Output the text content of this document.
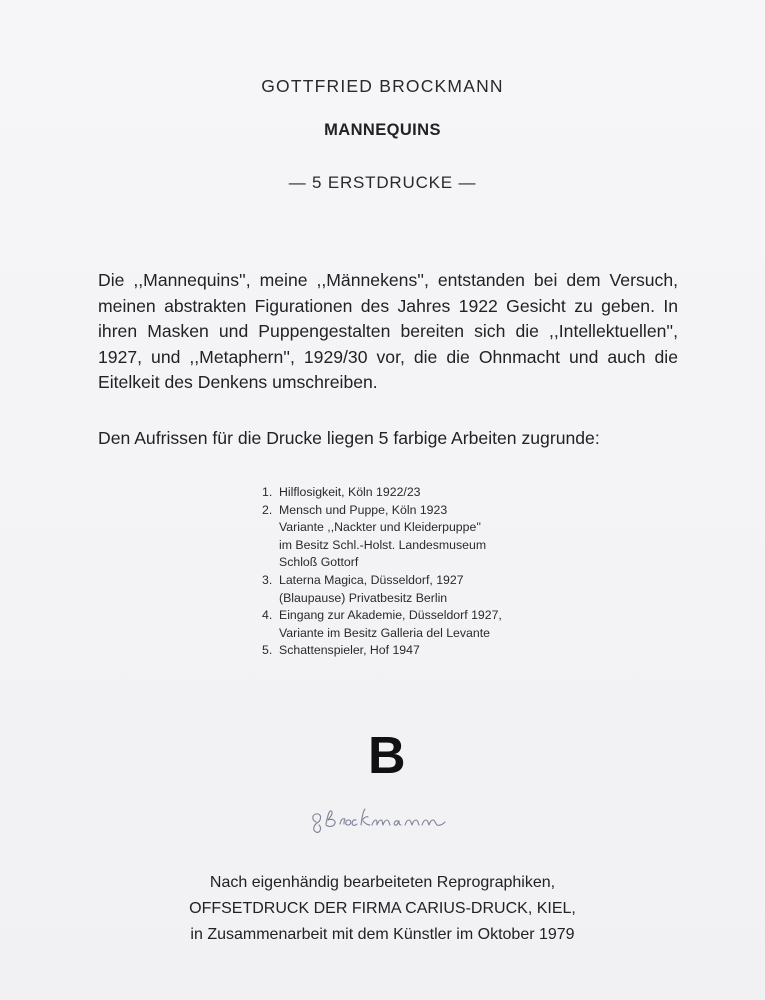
GOTTFRIED BROCKMANN
MANNEQUINS
— 5 ERSTDRUCKE —
Die ,,Mannequins'', meine ,,Männekens'', entstanden bei dem Versuch,
meinen abstrakten Figurationen des Jahres 1922 Gesicht zu geben. In
ihren Masken und Puppengestalten bereiten sich die ,,Intellektuellen'',
1927, und ,,Metaphern'', 1929/30 vor, die die Ohnmacht und auch die
Eitelkeit des Denkens umschreiben.
Den Aufrissen für die Drucke liegen 5 farbige Arbeiten zugrunde:
1. Hilflosigkeit, Köln 1922/23
2. Mensch und Puppe, Köln 1923
Variante ,,Nackter und Kleiderpuppe''
im Besitz Schl.-Holst. Landesmuseum
Schloß Gottorf
3. Laterna Magica, Düsseldorf, 1927
(Blaupause) Privatbesitz Berlin
4. Eingang zur Akademie, Düsseldorf 1927,
Variante im Besitz Galleria del Levante
5. Schattenspieler, Hof 1947
B
Nach eigenhändig bearbeiteten Reprographiken,
OFFSETDRUCK DER FIRMA CARIUS-DRUCK, KIEL,
in Zusammenarbeit mit dem Künstler im Oktober 1979
